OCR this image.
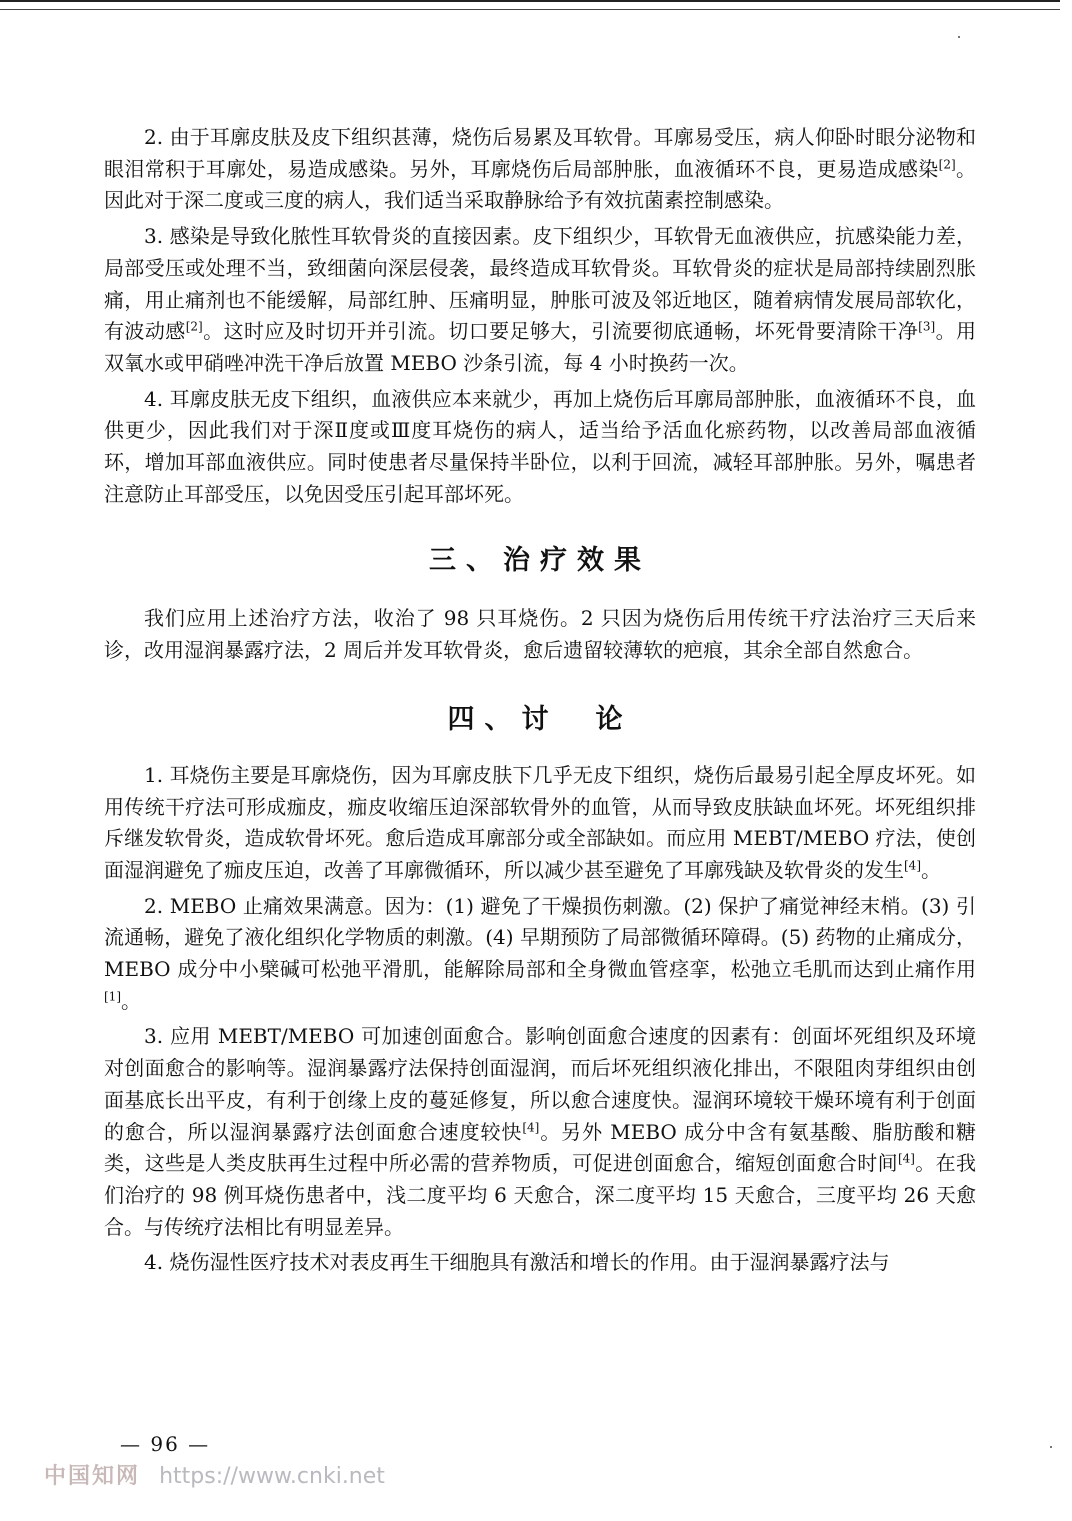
2. 由于耳廓皮肤及皮下组织甚薄，烧伤后易累及耳软骨。耳廓易受压，病人仰卧时眼分泌物和眼泪常积于耳廓处，易造成感染。另外，耳廓烧伤后局部肿胀，血液循环不良，更易造成感染[2]。因此对于深二度或三度的病人，我们适当采取静脉给予有效抗菌素控制感染。

3. 感染是导致化脓性耳软骨炎的直接因素。皮下组织少，耳软骨无血液供应，抗感染能力差，局部受压或处理不当，致细菌向深层侵袭，最终造成耳软骨炎。耳软骨炎的症状是局部持续剧烈胀痛，用止痛剂也不能缓解，局部红肿、压痛明显，肿胀可波及邻近地区，随着病情发展局部软化，有波动感[2]。这时应及时切开并引流。切口要足够大，引流要彻底通畅，坏死骨要清除干净[3]。用双氧水或甲硝唑冲洗干净后放置 MEBO 沙条引流，每 4 小时换药一次。

4. 耳廓皮肤无皮下组织，血液供应本来就少，再加上烧伤后耳廓局部肿胀，血液循环不良，血供更少，因此我们对于深Ⅱ度或Ⅲ度耳烧伤的病人，适当给予活血化瘀药物，以改善局部血液循环，增加耳部血液供应。同时使患者尽量保持半卧位，以利于回流，减轻耳部肿胀。另外，嘱患者注意防止耳部受压，以免因受压引起耳部坏死。

三、治疗效果

我们应用上述治疗方法，收治了 98 只耳烧伤。2 只因为烧伤后用传统干疗法治疗三天后来诊，改用湿润暴露疗法，2 周后并发耳软骨炎，愈后遗留较薄软的疤痕，其余全部自然愈合。

四、讨　论

1. 耳烧伤主要是耳廓烧伤，因为耳廓皮肤下几乎无皮下组织，烧伤后最易引起全厚皮坏死。如用传统干疗法可形成痂皮，痂皮收缩压迫深部软骨外的血管，从而导致皮肤缺血坏死。坏死组织排斥继发软骨炎，造成软骨坏死。愈后造成耳廓部分或全部缺如。而应用 MEBT/MEBO 疗法，使创面湿润避免了痂皮压迫，改善了耳廓微循环，所以减少甚至避免了耳廓残缺及软骨炎的发生[4]。

2. MEBO 止痛效果满意。因为：(1) 避免了干燥损伤刺激。(2) 保护了痛觉神经末梢。(3) 引流通畅，避免了液化组织化学物质的刺激。(4) 早期预防了局部微循环障碍。(5) 药物的止痛成分，MEBO 成分中小檗碱可松弛平滑肌，能解除局部和全身微血管痉挛，松弛立毛肌而达到止痛作用[1]。

3. 应用 MEBT/MEBO 可加速创面愈合。影响创面愈合速度的因素有：创面坏死组织及环境对创面愈合的影响等。湿润暴露疗法保持创面湿润，而后坏死组织液化排出，不限阻肉芽组织由创面基底长出平皮，有利于创缘上皮的蔓延修复，所以愈合速度快。湿润环境较干燥环境有利于创面的愈合，所以湿润暴露疗法创面愈合速度较快[4]。另外 MEBO 成分中含有氨基酸、脂肪酸和糖类，这些是人类皮肤再生过程中所必需的营养物质，可促进创面愈合，缩短创面愈合时间[4]。在我们治疗的 98 例耳烧伤患者中，浅二度平均 6 天愈合，深二度平均 15 天愈合，三度平均 26 天愈合。与传统疗法相比有明显差异。

4. 烧伤湿性医疗技术对表皮再生干细胞具有激活和增长的作用。由于湿润暴露疗法与

— 96 —
中国知网 https://www.cnki.net
